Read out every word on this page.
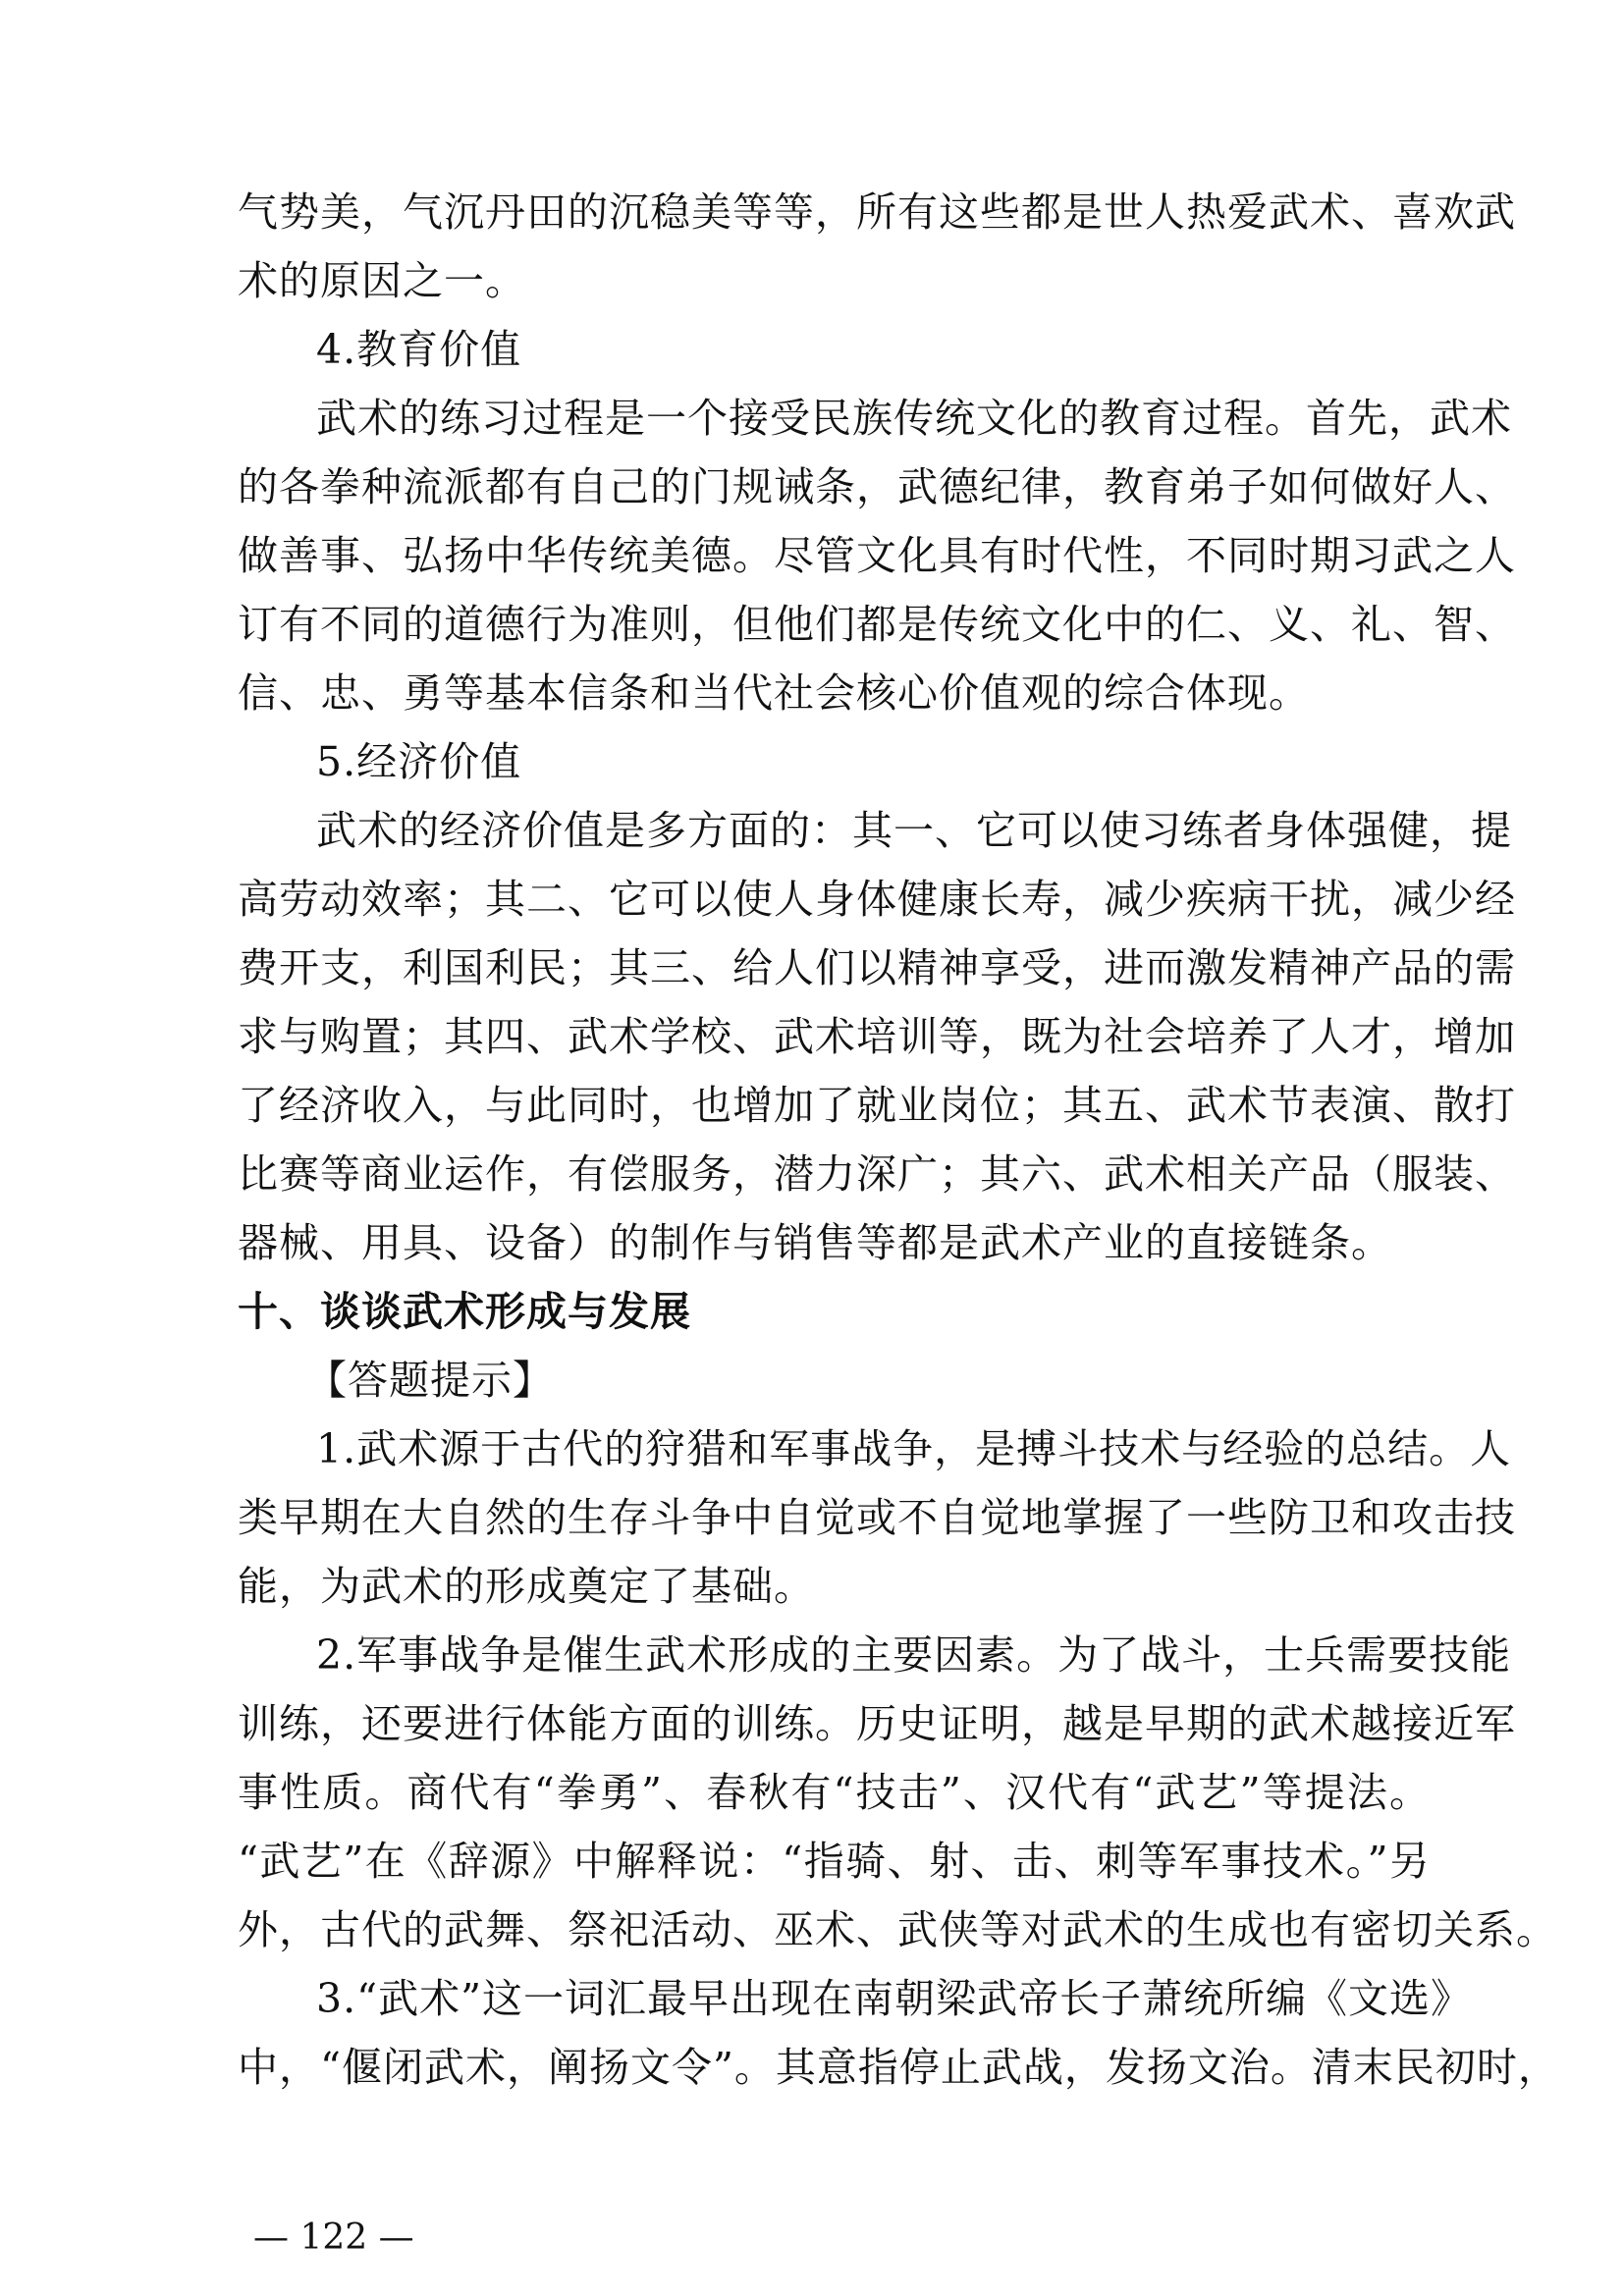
气势美，气沉丹田的沉稳美等等，所有这些都是世人热爱武术、喜欢武
术的原因之一。
4.教育价值
武术的练习过程是一个接受民族传统文化的教育过程。首先，武术
的各拳种流派都有自己的门规诫条，武德纪律，教育弟子如何做好人、
做善事、弘扬中华传统美德。尽管文化具有时代性，不同时期习武之人
订有不同的道德行为准则，但他们都是传统文化中的仁、义、礼、智、
信、忠、勇等基本信条和当代社会核心价值观的综合体现。
5.经济价值
武术的经济价值是多方面的：其一、它可以使习练者身体强健，提
高劳动效率；其二、它可以使人身体健康长寿，减少疾病干扰，减少经
费开支，利国利民；其三、给人们以精神享受，进而激发精神产品的需
求与购置；其四、武术学校、武术培训等，既为社会培养了人才，增加
了经济收入，与此同时，也增加了就业岗位；其五、武术节表演、散打
比赛等商业运作，有偿服务，潜力深广；其六、武术相关产品（服装、
器械、用具、设备）的制作与销售等都是武术产业的直接链条。
十、谈谈武术形成与发展
【答题提示】
1.武术源于古代的狩猎和军事战争，是搏斗技术与经验的总结。人
类早期在大自然的生存斗争中自觉或不自觉地掌握了一些防卫和攻击技
能，为武术的形成奠定了基础。
2.军事战争是催生武术形成的主要因素。为了战斗，士兵需要技能
训练，还要进行体能方面的训练。历史证明，越是早期的武术越接近军
事性质。商代有“拳勇”、春秋有“技击”、汉代有“武艺”等提法。
“武艺”在《辞源》中解释说：“指骑、射、击、刺等军事技术。”另
外，古代的武舞、祭祀活动、巫术、武侠等对武术的生成也有密切关系。
3.“武术”这一词汇最早出现在南朝梁武帝长子萧统所编《文选》
中，“偃闭武术，阐扬文令”。其意指停止武战，发扬文治。清末民初时，
— 122 —
